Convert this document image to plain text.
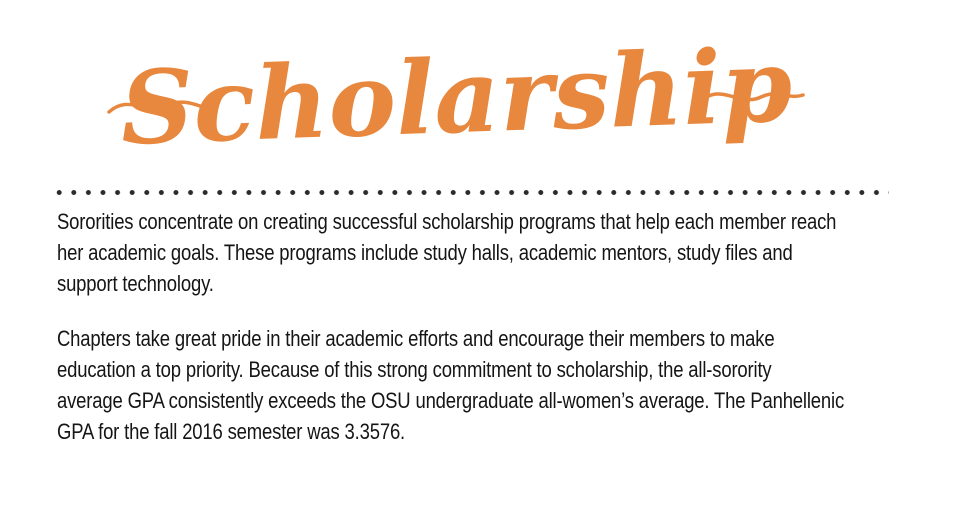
Scholarship
Sororities concentrate on creating successful scholarship programs that help each member reach
her academic goals. These programs include study halls, academic mentors, study files and
support technology.
Chapters take great pride in their academic efforts and encourage their members to make
education a top priority. Because of this strong commitment to scholarship, the all-sorority
average GPA consistently exceeds the OSU undergraduate all-women’s average. The Panhellenic
GPA for the fall 2016 semester was 3.3576.
